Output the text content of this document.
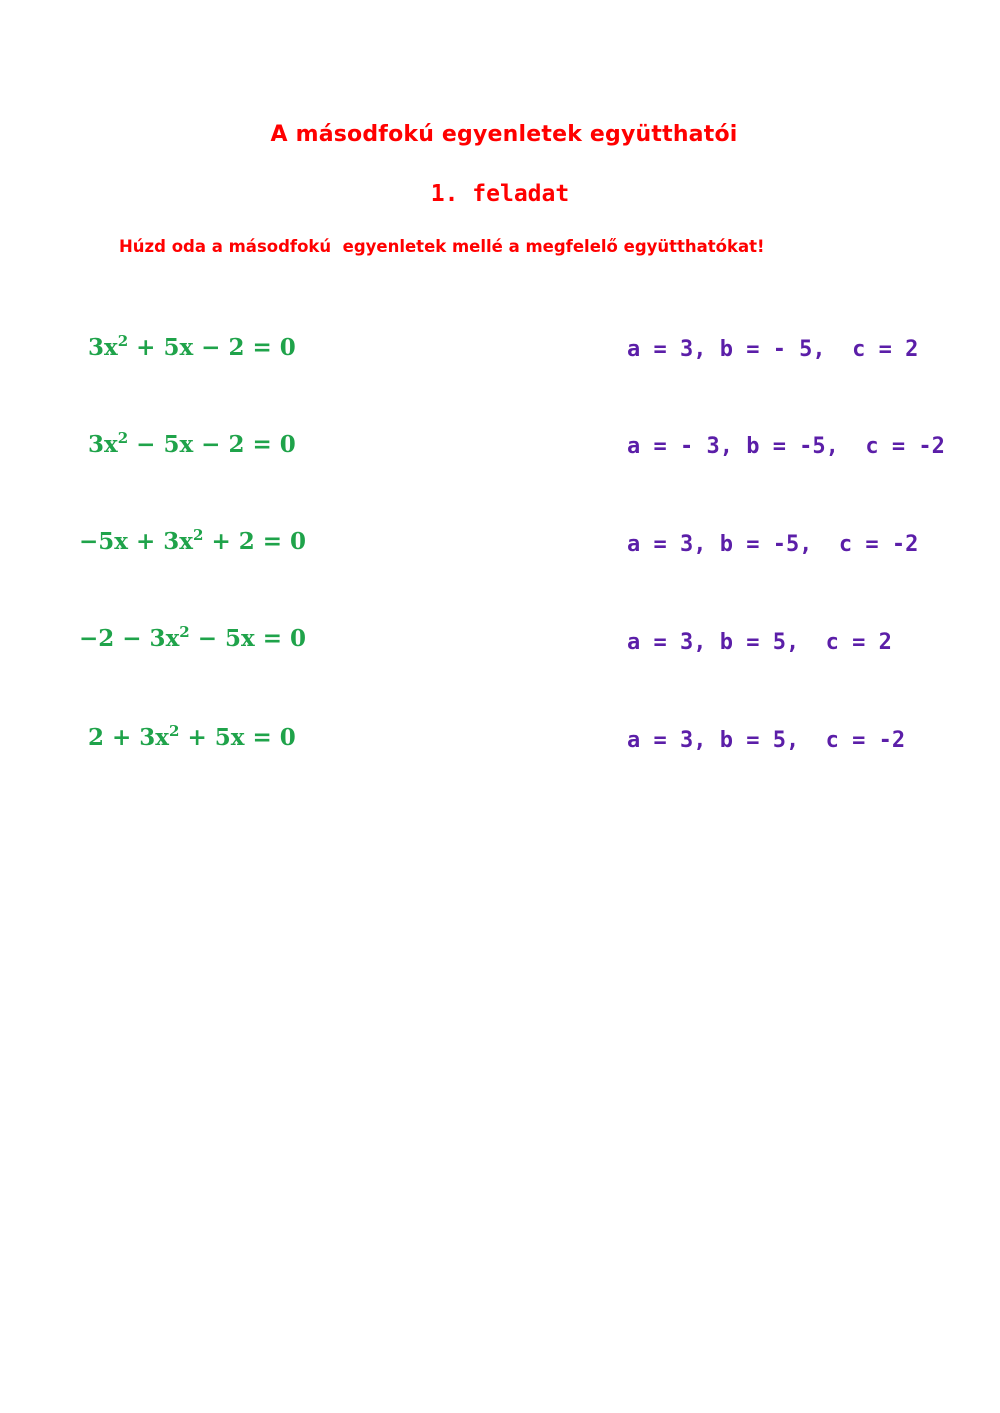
A másodfokú egyenletek együtthatói
1. feladat
Húzd oda a másodfokú  egyenletek mellé a megfelelő együtthatókat!
$3x^2 + 5x - 2 = 0$
$3x^2 - 5x - 2 = 0$
$-5x + 3x^2 + 2 = 0$
$-2 - 3x^2 - 5x = 0$
$2 + 3x^2 + 5x = 0$
a = 3, b = - 5,  c = 2
a = - 3, b = -5,  c = -2
a = 3, b = -5,  c = -2
a = 3, b = 5,  c = 2
a = 3, b = 5,  c = -2
